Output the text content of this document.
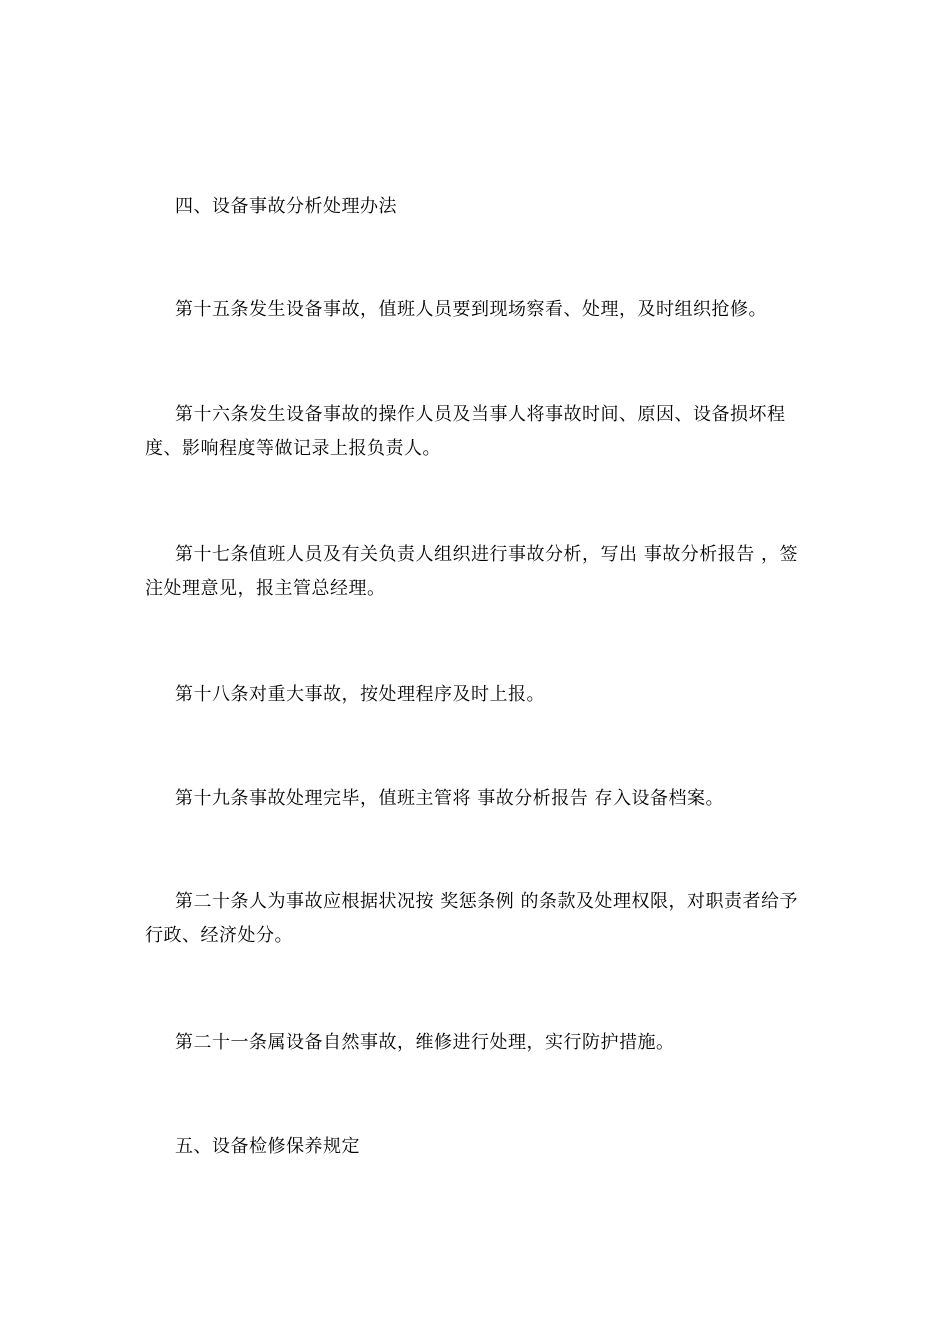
四、设备事故分析处理办法

第十五条发生设备事故，值班人员要到现场察看、处理，及时组织抢修。

第十六条发生设备事故的操作人员及当事人将事故时间、原因、设备损坏程度、影响程度等做记录上报负责人。

第十七条值班人员及有关负责人组织进行事故分析，写出 事故分析报告 ，签注处理意见，报主管总经理。

第十八条对重大事故，按处理程序及时上报。

第十九条事故处理完毕，值班主管将 事故分析报告 存入设备档案。

第二十条人为事故应根据状况按 奖惩条例 的条款及处理权限，对职责者给予行政、经济处分。

第二十一条属设备自然事故，维修进行处理，实行防护措施。

五、设备检修保养规定
